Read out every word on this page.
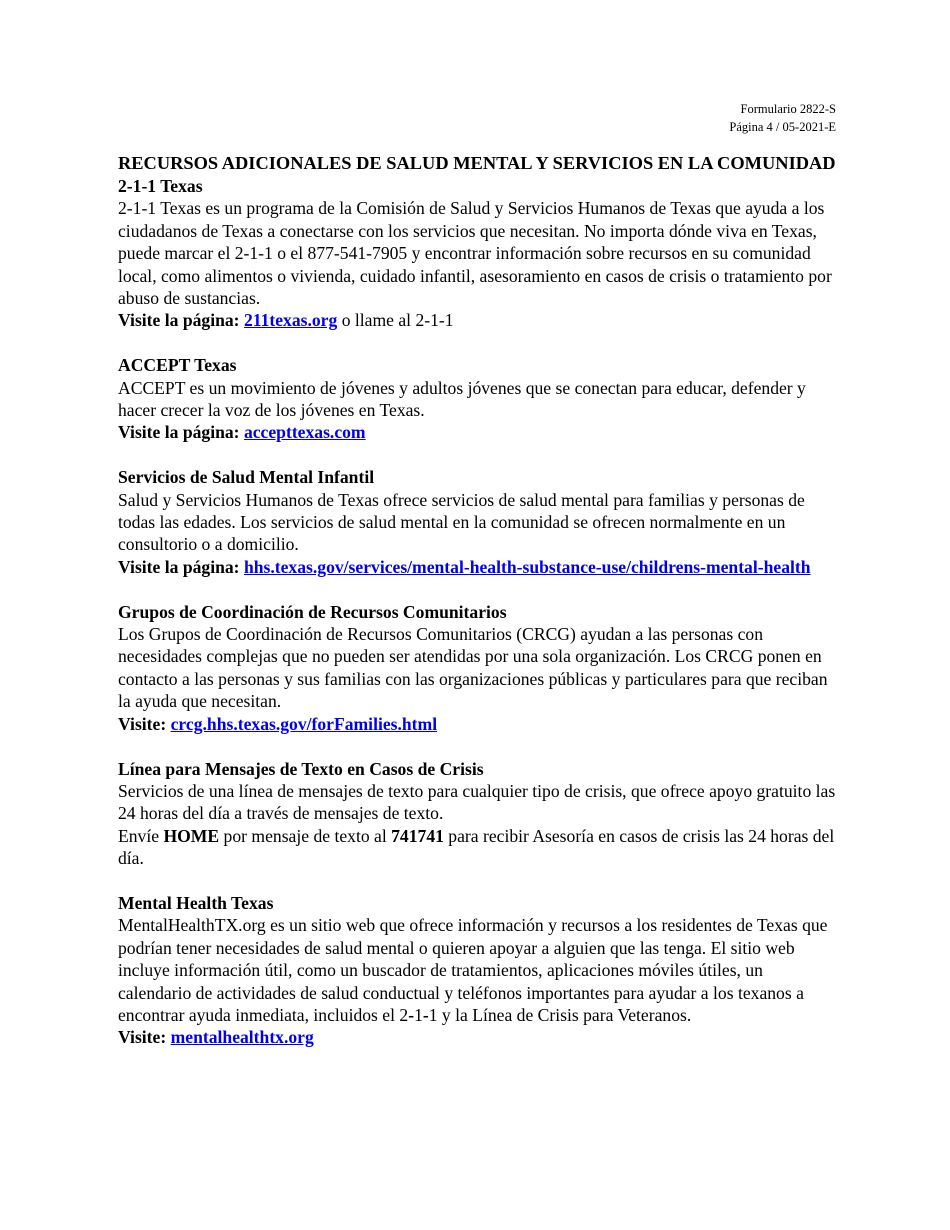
Formulario 2822-S
Página 4 / 05-2021-E
RECURSOS ADICIONALES DE SALUD MENTAL Y SERVICIOS EN LA COMUNIDAD
2-1-1 Texas

2-1-1 Texas es un programa de la Comisión de Salud y Servicios Humanos de Texas que ayuda a los ciudadanos de Texas a conectarse con los servicios que necesitan. No importa dónde viva en Texas, puede marcar el 2-1-1 o el 877-541-7905 y encontrar información sobre recursos en su comunidad local, como alimentos o vivienda, cuidado infantil, asesoramiento en casos de crisis o tratamiento por abuso de sustancias.

Visite la página: 211texas.org o llame al 2-1-1

ACCEPT Texas

ACCEPT es un movimiento de jóvenes y adultos jóvenes que se conectan para educar, defender y hacer crecer la voz de los jóvenes en Texas.

Visite la página: accepttexas.com

Servicios de Salud Mental Infantil

Salud y Servicios Humanos de Texas ofrece servicios de salud mental para familias y personas de todas las edades. Los servicios de salud mental en la comunidad se ofrecen normalmente en un consultorio o a domicilio.

Visite la página: hhs.texas.gov/services/mental-health-substance-use/childrens-mental-health

Grupos de Coordinación de Recursos Comunitarios

Los Grupos de Coordinación de Recursos Comunitarios (CRCG) ayudan a las personas con necesidades complejas que no pueden ser atendidas por una sola organización. Los CRCG ponen en contacto a las personas y sus familias con las organizaciones públicas y particulares para que reciban la ayuda que necesitan.

Visite: crcg.hhs.texas.gov/forFamilies.html

Línea para Mensajes de Texto en Casos de Crisis

Servicios de una línea de mensajes de texto para cualquier tipo de crisis, que ofrece apoyo gratuito las 24 horas del día a través de mensajes de texto.

Envíe HOME por mensaje de texto al 741741 para recibir Asesoría en casos de crisis las 24 horas del día.

Mental Health Texas

MentalHealthTX.org es un sitio web que ofrece información y recursos a los residentes de Texas que podrían tener necesidades de salud mental o quieren apoyar a alguien que las tenga. El sitio web incluye información útil, como un buscador de tratamientos, aplicaciones móviles útiles, un calendario de actividades de salud conductual y teléfonos importantes para ayudar a los texanos a encontrar ayuda inmediata, incluidos el 2-1-1 y la Línea de Crisis para Veteranos.

Visite: mentalhealthtx.org
